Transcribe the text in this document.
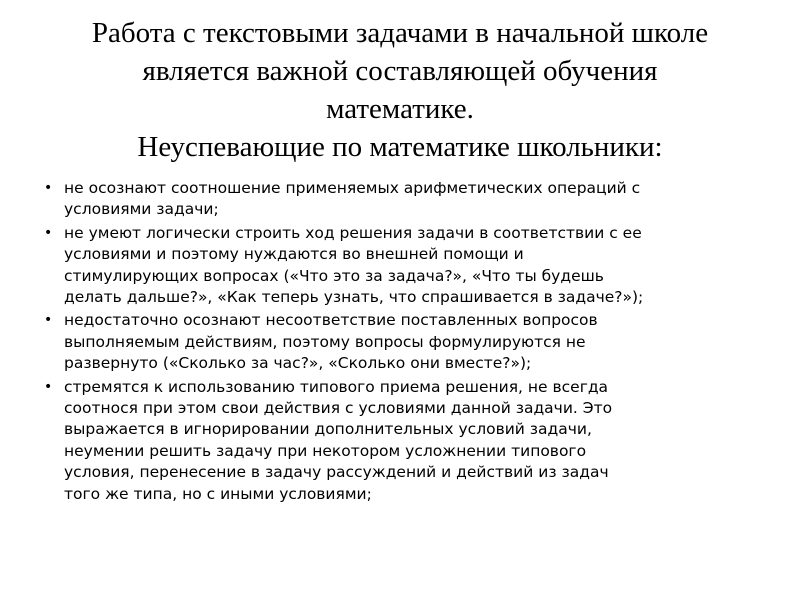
Работа с текстовыми задачами в начальной школе
является важной составляющей обучения
математике.
Неуспевающие по математике школьники:
• не осознают соотношение применяемых арифметических операций с
условиями задачи;
• не умеют логически строить ход решения задачи в соответствии с ее
условиями и поэтому нуждаются во внешней помощи и
стимулирующих вопросах («Что это за задача?», «Что ты будешь
делать дальше?», «Как теперь узнать, что спрашивается в задаче?»);
• недостаточно осознают несоответствие поставленных вопросов
выполняемым действиям, поэтому вопросы формулируются не
развернуто («Сколько за час?», «Сколько они вместе?»);
• стремятся к использованию типового приема решения, не всегда
соотнося при этом свои действия с условиями данной задачи. Это
выражается в игнорировании дополнительных условий задачи,
неумении решить задачу при некотором усложнении типового
условия, перенесение в задачу рассуждений и действий из задач
того же типа, но с иными условиями;
